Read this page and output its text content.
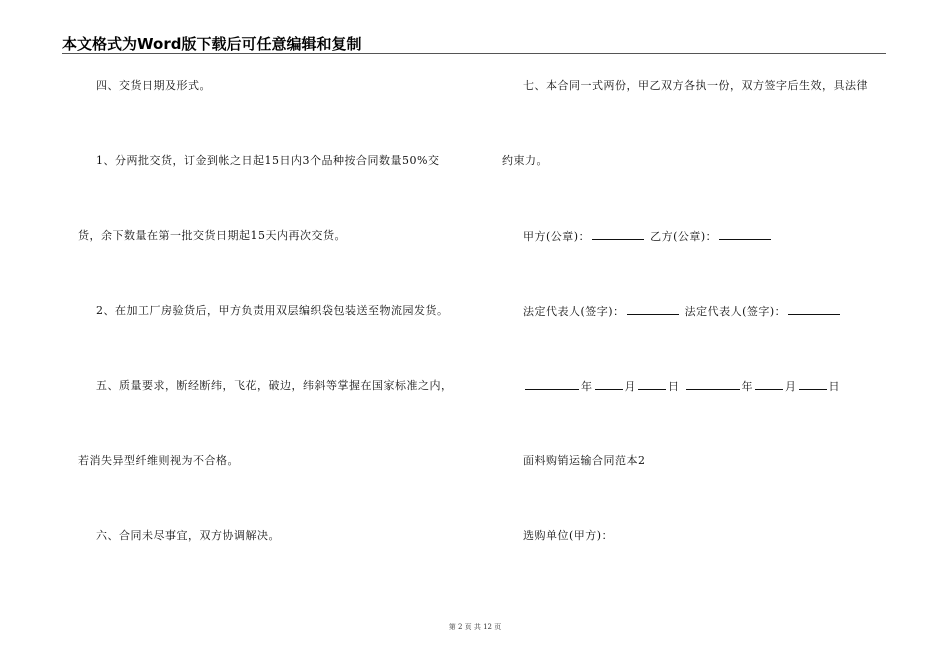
本文格式为Word版下载后可任意编辑和复制
四、交货日期及形式。
1、分两批交货，订金到帐之日起15日内3个品种按合同数量50%交
货，余下数量在第一批交货日期起15天内再次交货。
2、在加工厂房验货后，甲方负责用双层编织袋包装送至物流园发货。
五、质量要求，断经断纬，飞花，破边，纬斜等掌握在国家标准之内，
若消失异型纤维则视为不合格。
六、合同未尽事宜，双方协调解决。
七、本合同一式两份，甲乙双方各执一份，双方签字后生效，具法律
约束力。
甲方(公章)：	乙方(公章)：
法定代表人(签字)：	法定代表人(签字)：
年	月	日	年	月	日
面料购销运输合同范本2
选购单位(甲方)：
第 2 页 共 12 页
